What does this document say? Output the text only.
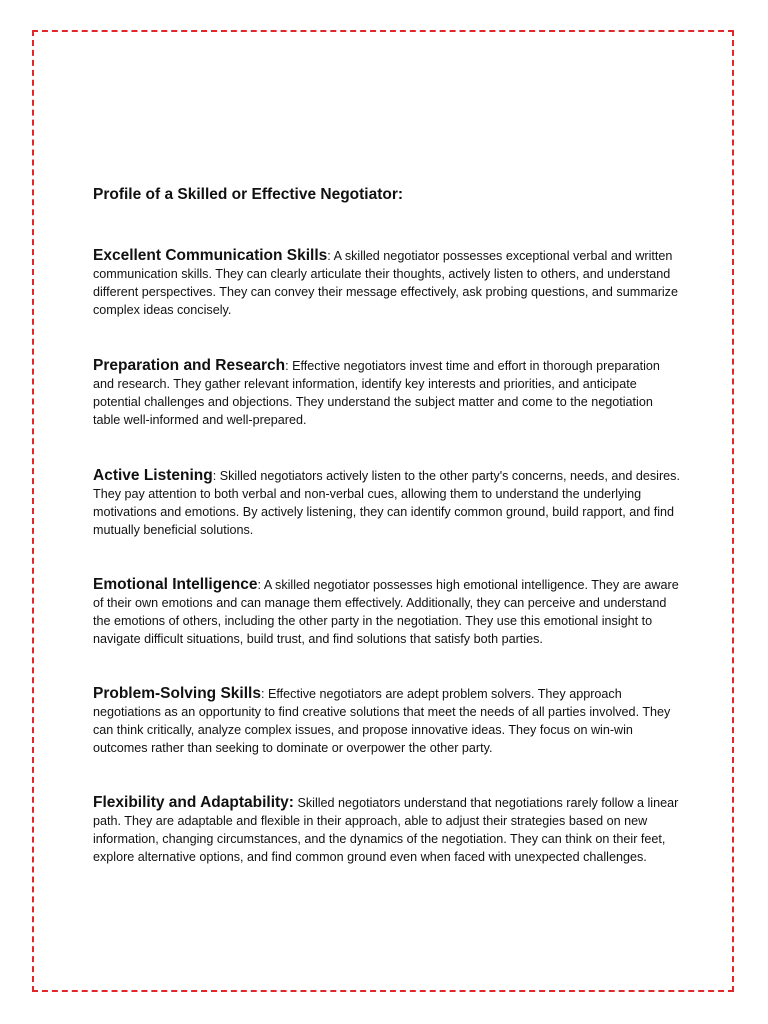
Profile of a Skilled or Effective Negotiator:

Excellent Communication Skills: A skilled negotiator possesses exceptional verbal and written communication skills. They can clearly articulate their thoughts, actively listen to others, and understand different perspectives. They can convey their message effectively, ask probing questions, and summarize complex ideas concisely.

Preparation and Research: Effective negotiators invest time and effort in thorough preparation and research. They gather relevant information, identify key interests and priorities, and anticipate potential challenges and objections. They understand the subject matter and come to the negotiation table well-informed and well-prepared.

Active Listening: Skilled negotiators actively listen to the other party's concerns, needs, and desires. They pay attention to both verbal and non-verbal cues, allowing them to understand the underlying motivations and emotions. By actively listening, they can identify common ground, build rapport, and find mutually beneficial solutions.

Emotional Intelligence: A skilled negotiator possesses high emotional intelligence. They are aware of their own emotions and can manage them effectively. Additionally, they can perceive and understand the emotions of others, including the other party in the negotiation. They use this emotional insight to navigate difficult situations, build trust, and find solutions that satisfy both parties.

Problem-Solving Skills: Effective negotiators are adept problem solvers. They approach negotiations as an opportunity to find creative solutions that meet the needs of all parties involved. They can think critically, analyze complex issues, and propose innovative ideas. They focus on win-win outcomes rather than seeking to dominate or overpower the other party.

Flexibility and Adaptability: Skilled negotiators understand that negotiations rarely follow a linear path. They are adaptable and flexible in their approach, able to adjust their strategies based on new information, changing circumstances, and the dynamics of the negotiation. They can think on their feet, explore alternative options, and find common ground even when faced with unexpected challenges.
